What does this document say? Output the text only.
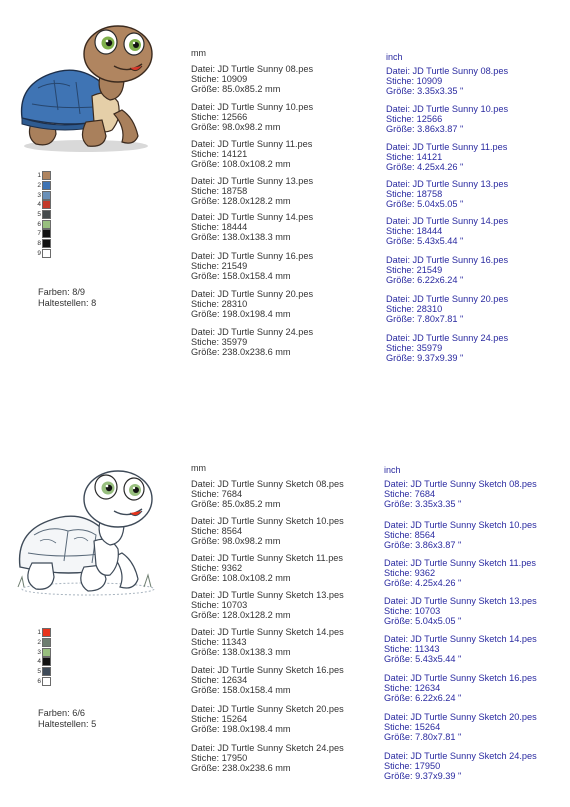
1
2
3
4
5
6
7
8
9
Farben: 8/9
Haltestellen: 8
mm
Datei: JD Turtle Sunny 08.pes
Stiche: 10909
Größe: 85.0x85.2 mm
Datei: JD Turtle Sunny 10.pes
Stiche: 12566
Größe: 98.0x98.2 mm
Datei: JD Turtle Sunny 11.pes
Stiche: 14121
Größe: 108.0x108.2 mm
Datei: JD Turtle Sunny 13.pes
Stiche: 18758
Größe: 128.0x128.2 mm
Datei: JD Turtle Sunny 14.pes
Stiche: 18444
Größe: 138.0x138.3 mm
Datei: JD Turtle Sunny 16.pes
Stiche: 21549
Größe: 158.0x158.4 mm
Datei: JD Turtle Sunny 20.pes
Stiche: 28310
Größe: 198.0x198.4 mm
Datei: JD Turtle Sunny 24.pes
Stiche: 35979
Größe: 238.0x238.6 mm
inch
Datei: JD Turtle Sunny 08.pes
Stiche: 10909
Größe: 3.35x3.35 "
Datei: JD Turtle Sunny 10.pes
Stiche: 12566
Größe: 3.86x3.87 "
Datei: JD Turtle Sunny 11.pes
Stiche: 14121
Größe: 4.25x4.26 "
Datei: JD Turtle Sunny 13.pes
Stiche: 18758
Größe: 5.04x5.05 "
Datei: JD Turtle Sunny 14.pes
Stiche: 18444
Größe: 5.43x5.44 "
Datei: JD Turtle Sunny 16.pes
Stiche: 21549
Größe: 6.22x6.24 "
Datei: JD Turtle Sunny 20.pes
Stiche: 28310
Größe: 7.80x7.81 "
Datei: JD Turtle Sunny 24.pes
Stiche: 35979
Größe: 9.37x9.39 "
1
2
3
4
5
6
Farben: 6/6
Haltestellen: 5
mm
Datei: JD Turtle Sunny Sketch 08.pes
Stiche: 7684
Größe: 85.0x85.2 mm
Datei: JD Turtle Sunny Sketch 10.pes
Stiche: 8564
Größe: 98.0x98.2 mm
Datei: JD Turtle Sunny Sketch 11.pes
Stiche: 9362
Größe: 108.0x108.2 mm
Datei: JD Turtle Sunny Sketch 13.pes
Stiche: 10703
Größe: 128.0x128.2 mm
Datei: JD Turtle Sunny Sketch 14.pes
Stiche: 11343
Größe: 138.0x138.3 mm
Datei: JD Turtle Sunny Sketch 16.pes
Stiche: 12634
Größe: 158.0x158.4 mm
Datei: JD Turtle Sunny Sketch 20.pes
Stiche: 15264
Größe: 198.0x198.4 mm
Datei: JD Turtle Sunny Sketch 24.pes
Stiche: 17950
Größe: 238.0x238.6 mm
inch
Datei: JD Turtle Sunny Sketch 08.pes
Stiche: 7684
Größe: 3.35x3.35 "
Datei: JD Turtle Sunny Sketch 10.pes
Stiche: 8564
Größe: 3.86x3.87 "
Datei: JD Turtle Sunny Sketch 11.pes
Stiche: 9362
Größe: 4.25x4.26 "
Datei: JD Turtle Sunny Sketch 13.pes
Stiche: 10703
Größe: 5.04x5.05 "
Datei: JD Turtle Sunny Sketch 14.pes
Stiche: 11343
Größe: 5.43x5.44 "
Datei: JD Turtle Sunny Sketch 16.pes
Stiche: 12634
Größe: 6.22x6.24 "
Datei: JD Turtle Sunny Sketch 20.pes
Stiche: 15264
Größe: 7.80x7.81 "
Datei: JD Turtle Sunny Sketch 24.pes
Stiche: 17950
Größe: 9.37x9.39 "
